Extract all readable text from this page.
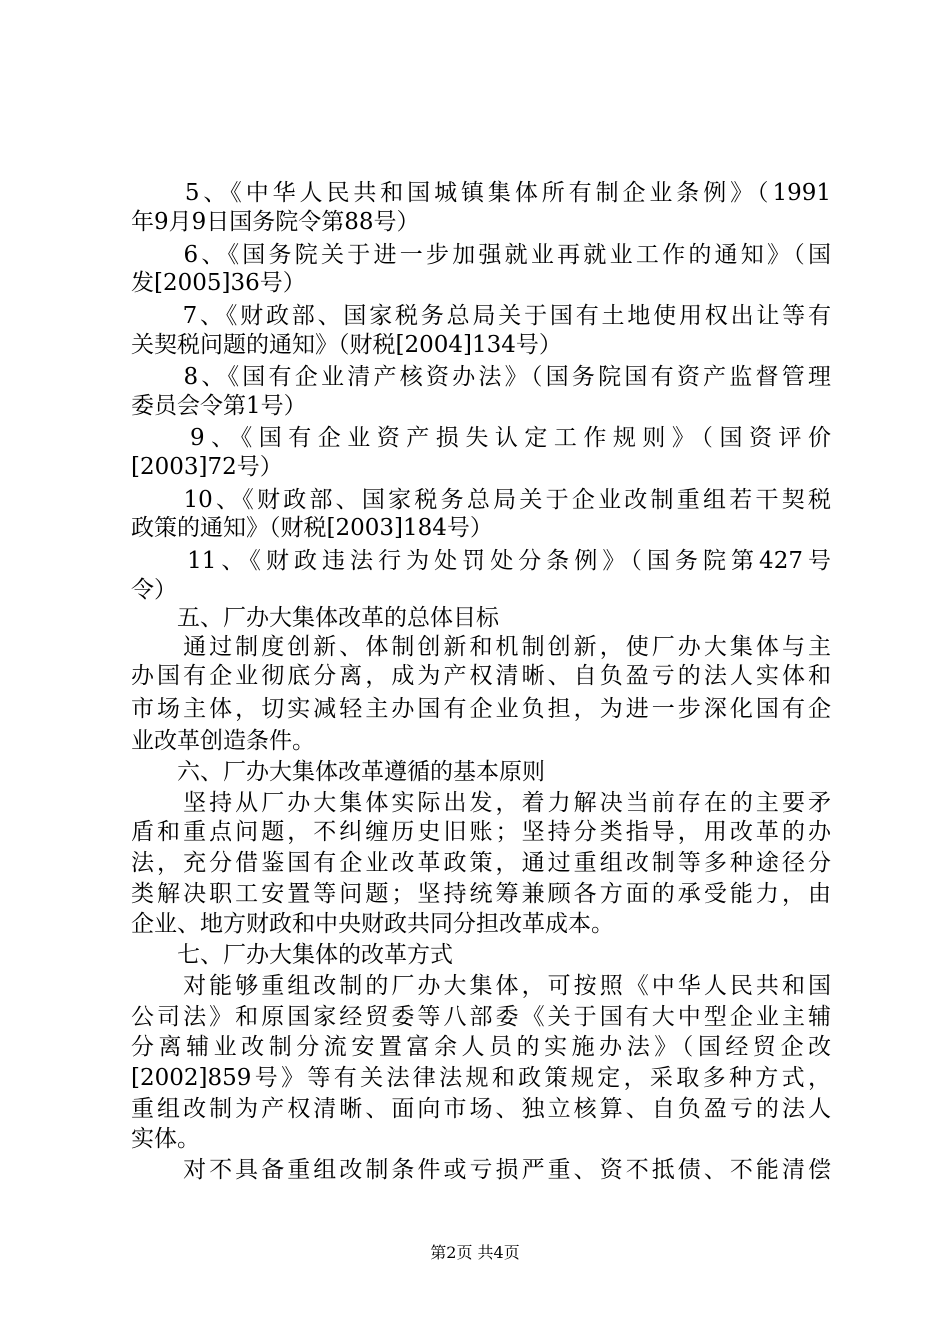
　　5、《中华人民共和国城镇集体所有制企业条例》（1991
年9月9日国务院令第88号）
　　6、《国务院关于进一步加强就业再就业工作的通知》（国
发[2005]36号）
　　7、《财政部、国家税务总局关于国有土地使用权出让等有
关契税问题的通知》（财税[2004]134号）
　　8、《国有企业清产核资办法》（国务院国有资产监督管理
委员会令第1号）
　　9、《国有企业资产损失认定工作规则》（国资评价
[2003]72号）
　　10、《财政部、国家税务总局关于企业改制重组若干契税
政策的通知》（财税[2003]184号）
　　11、《财政违法行为处罚处分条例》（国务院第427号
令）
　　五、厂办大集体改革的总体目标
　　通过制度创新、体制创新和机制创新，使厂办大集体与主
办国有企业彻底分离，成为产权清晰、自负盈亏的法人实体和
市场主体，切实减轻主办国有企业负担，为进一步深化国有企
业改革创造条件。
　　六、厂办大集体改革遵循的基本原则
　　坚持从厂办大集体实际出发，着力解决当前存在的主要矛
盾和重点问题，不纠缠历史旧账；坚持分类指导，用改革的办
法，充分借鉴国有企业改革政策，通过重组改制等多种途径分
类解决职工安置等问题；坚持统筹兼顾各方面的承受能力，由
企业、地方财政和中央财政共同分担改革成本。
　　七、厂办大集体的改革方式
　　对能够重组改制的厂办大集体，可按照《中华人民共和国
公司法》和原国家经贸委等八部委《关于国有大中型企业主辅
分离辅业改制分流安置富余人员的实施办法》（国经贸企改
[2002]859号》等有关法律法规和政策规定，采取多种方式，
重组改制为产权清晰、面向市场、独立核算、自负盈亏的法人
实体。
　　对不具备重组改制条件或亏损严重、资不抵债、不能清偿
第2页 共4页
